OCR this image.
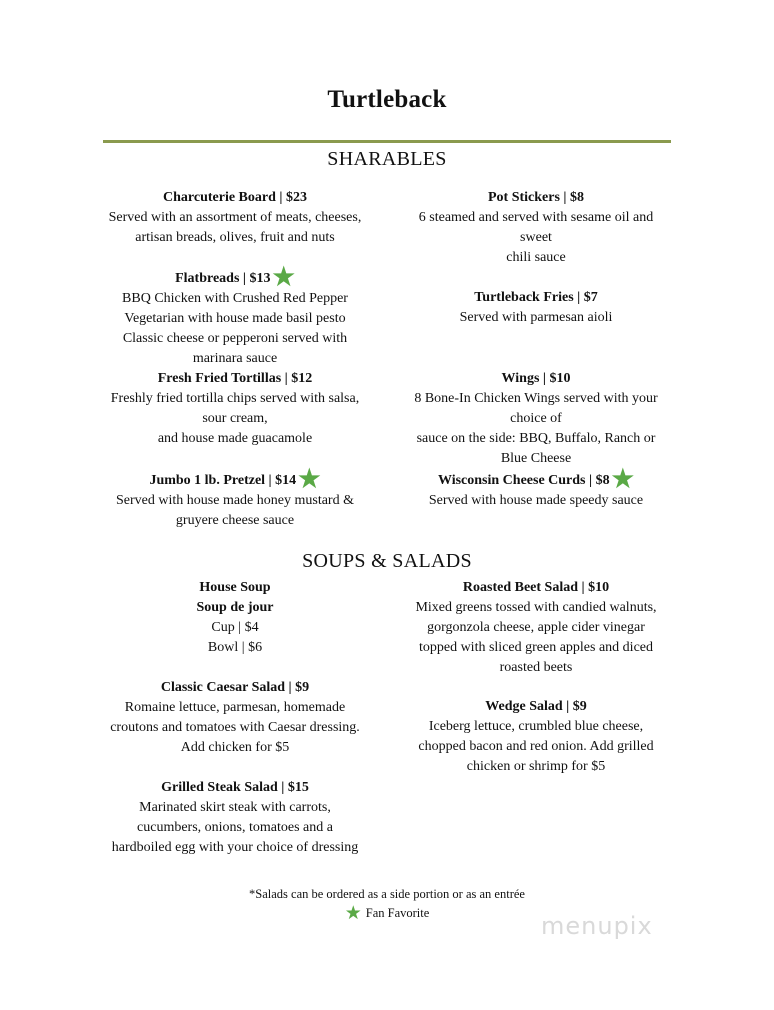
Turtleback
SHARABLES
Charcuterie Board | $23
Served with an assortment of meats, cheeses,
artisan breads, olives, fruit and nuts
Flatbreads | $13★
BBQ Chicken with Crushed Red Pepper
Vegetarian with house made basil pesto
Classic cheese or pepperoni served with
marinara sauce
Fresh Fried Tortillas | $12
Freshly fried tortilla chips served with salsa,
sour cream,
and house made guacamole
Jumbo 1 lb. Pretzel | $14★
Served with house made honey mustard &
gruyere cheese sauce
Pot Stickers | $8
6 steamed and served with sesame oil and
sweet
chili sauce
Turtleback Fries | $7
Served with parmesan aioli
Wings | $10
8 Bone-In Chicken Wings served with your
choice of
sauce on the side: BBQ, Buffalo, Ranch or
Blue Cheese
Wisconsin Cheese Curds | $8★
Served with house made speedy sauce
SOUPS & SALADS
House Soup
Soup de jour
Cup | $4
Bowl | $6
Classic Caesar Salad | $9
Romaine lettuce, parmesan, homemade
croutons and tomatoes with Caesar dressing.
Add chicken for $5
Grilled Steak Salad | $15
Marinated skirt steak with carrots,
cucumbers, onions, tomatoes and a
hardboiled egg with your choice of dressing
Roasted Beet Salad | $10
Mixed greens tossed with candied walnuts,
gorgonzola cheese, apple cider vinegar
topped with sliced green apples and diced
roasted beets
Wedge Salad | $9
Iceberg lettuce, crumbled blue cheese,
chopped bacon and red onion. Add grilled
chicken or shrimp for $5
*Salads can be ordered as a side portion or as an entrée
★ Fan Favorite	menupix
